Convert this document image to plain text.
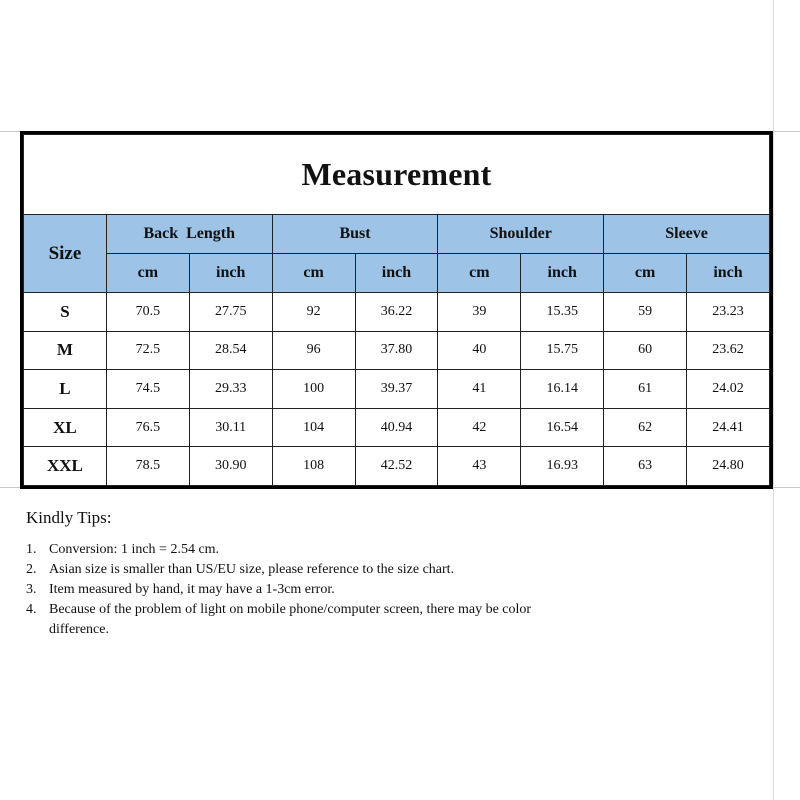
Measurement								
Size	Back  Length		Bust		Shoulder		Sleeve	
	cm	inch	cm	inch	cm	inch	cm	inch
S	70.5	27.75	92	36.22	39	15.35	59	23.23
M	72.5	28.54	96	37.80	40	15.75	60	23.62
L	74.5	29.33	100	39.37	41	16.14	61	24.02
XL	76.5	30.11	104	40.94	42	16.54	62	24.41
XXL	78.5	30.90	108	42.52	43	16.93	63	24.80
Kindly Tips:
1. Conversion: 1 inch = 2.54 cm.
2. Asian size is smaller than US/EU size, please reference to the size chart.
3. Item measured by hand, it may have a 1-3cm error.
4. Because of the problem of light on mobile phone/computer screen, there may be color difference.
